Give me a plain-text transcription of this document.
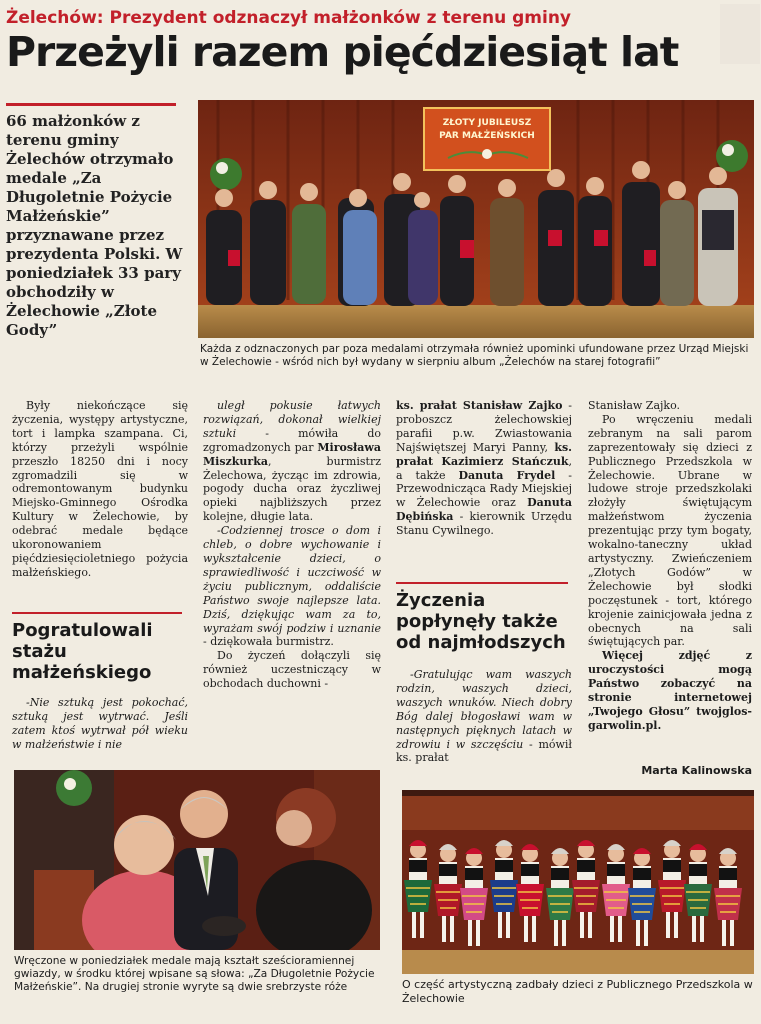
Żelechów: Prezydent odznaczył małżonków z terenu gminy
Przeżyli razem pięćdziesiąt lat
66 małżonków z terenu gminy Żelechów otrzymało medale „Za Długoletnie Pożycie Małżeńskie” przyznawane przez prezydenta Polski. W poniedziałek 33 pary obchodziły w Żelechowie „Złote Gody”
ZŁOTY JUBILEUSZ
PAR MAŁŻEŃSKICH
Każda z odznaczonych par poza medalami otrzymała również upominki ufundowane przez Urząd Miejski w Żelechowie - wśród nich był wydany w sierpniu album „Żelechów na starej fotografii”

Były niekończące się życzenia, występy artystyczne, tort i lampka szampana. Ci, którzy przeżyli wspólnie przeszło 18250 dni i nocy zgromadzili się w odremontowanym budynku Miejsko-Gminnego Ośrodka Kultury w Żelechowie, by odebrać medale będące ukoronowaniem pięćdziesięcioletniego pożycia małżeńskiego.

Pogratulowali stażu małżeńskiego

-Nie sztuką jest pokochać, sztuką jest wytrwać. Jeśli zatem ktoś wytrwał pół wieku w małżeństwie i nie

uległ pokusie łatwych rozwiązań, dokonał wielkiej sztuki - mówiła do zgromadzonych par Mirosława Miszkurka, burmistrz Żelechowa, życząc im zdrowia, pogody ducha oraz życzliwej opieki najbliższych przez kolejne, długie lata.

-Codziennej trosce o dom i chleb, o dobre wychowanie i wykształcenie dzieci, o sprawiedliwość i uczciwość w życiu publicznym, oddaliście Państwo swoje najlepsze lata. Dziś, dziękując wam za to, wyrażam swój podziw i uznanie - dziękowała burmistrz.

Do życzeń dołączyli się również uczestniczący w obchodach duchowni -

ks. prałat Stanisław Zajko - proboszcz żelechowskiej parafii p.w. Zwiastowania Najświętszej Maryi Panny, ks. prałat Kazimierz Stańczuk, a także Danuta Frydel - Przewodnicząca Rady Miejskiej w Żelechowie oraz Danuta Dębińska - kierownik Urzędu Stanu Cywilnego.

Życzenia popłynęły także od najmłodszych

-Gratulując wam waszych rodzin, waszych dzieci, waszych wnuków. Niech dobry Bóg dalej błogosławi wam w następnych pięknych latach w zdrowiu i w szczęściu - mówił ks. prałat

Stanisław Zajko.

Po wręczeniu medali zebranym na sali parom zaprezentowały się dzieci z Publicznego Przedszkola w Żelechowie. Ubrane w ludowe stroje przedszkolaki złożyły świętującym małżeństwom życzenia prezentując przy tym bogaty, wokalno-taneczny układ artystyczny. Zwieńczeniem „Złotych Godów” w Żelechowie był słodki poczęstunek - tort, którego krojenie zainicjowała jedna z obecnych na sali świętujących par.

Więcej zdjęć z uroczystości mogą Państwo zobaczyć na stronie internetowej „Twojego Głosu” twojglos-garwolin.pl.

Marta Kalinowska
Wręczone w poniedziałek medale mają kształt sześcioramiennej gwiazdy, w środku której wpisane są słowa: „Za Długoletnie Pożycie Małżeńskie”. Na drugiej stronie wyryte są dwie srebrzyste róże	O część artystyczną zadbały dzieci z Publicznego Przedszkola w Żelechowie
